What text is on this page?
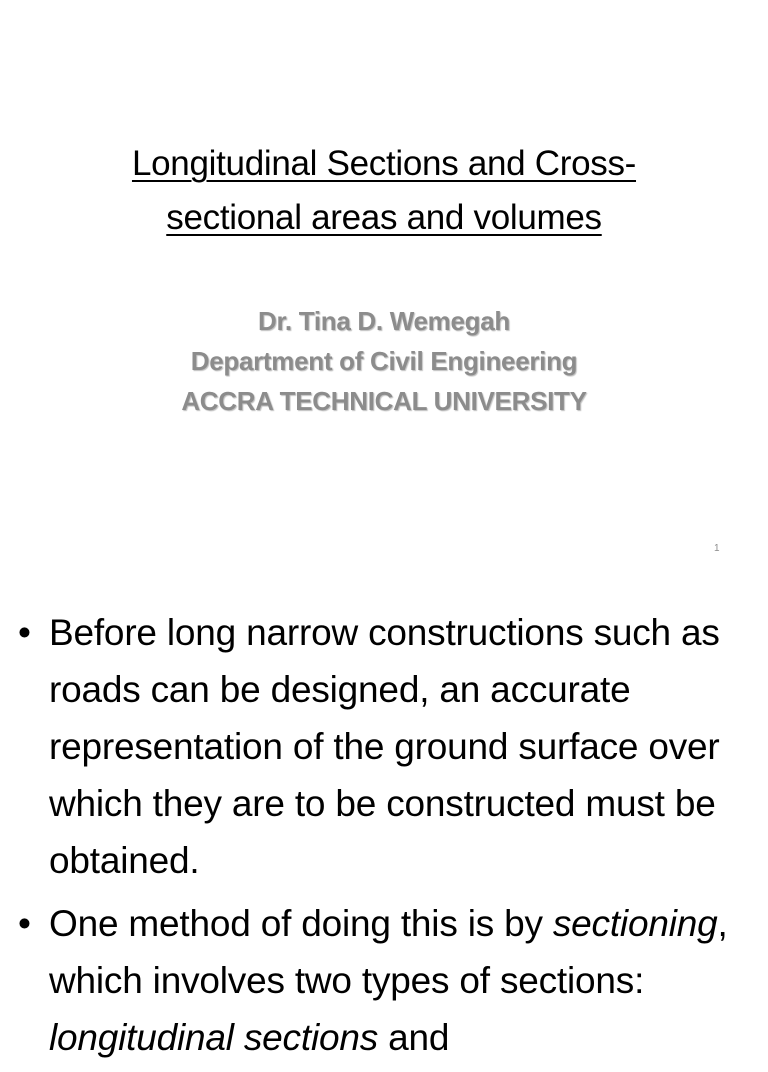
Longitudinal Sections and Cross-
sectional areas and volumes
Dr. Tina D. Wemegah
Department of Civil Engineering
ACCRA TECHNICAL UNIVERSITY
1
• Before long narrow constructions such as roads can be designed, an accurate representation of the ground surface over which they are to be constructed must be obtained.
• One method of doing this is by sectioning, which involves two types of sections: longitudinal sections and
